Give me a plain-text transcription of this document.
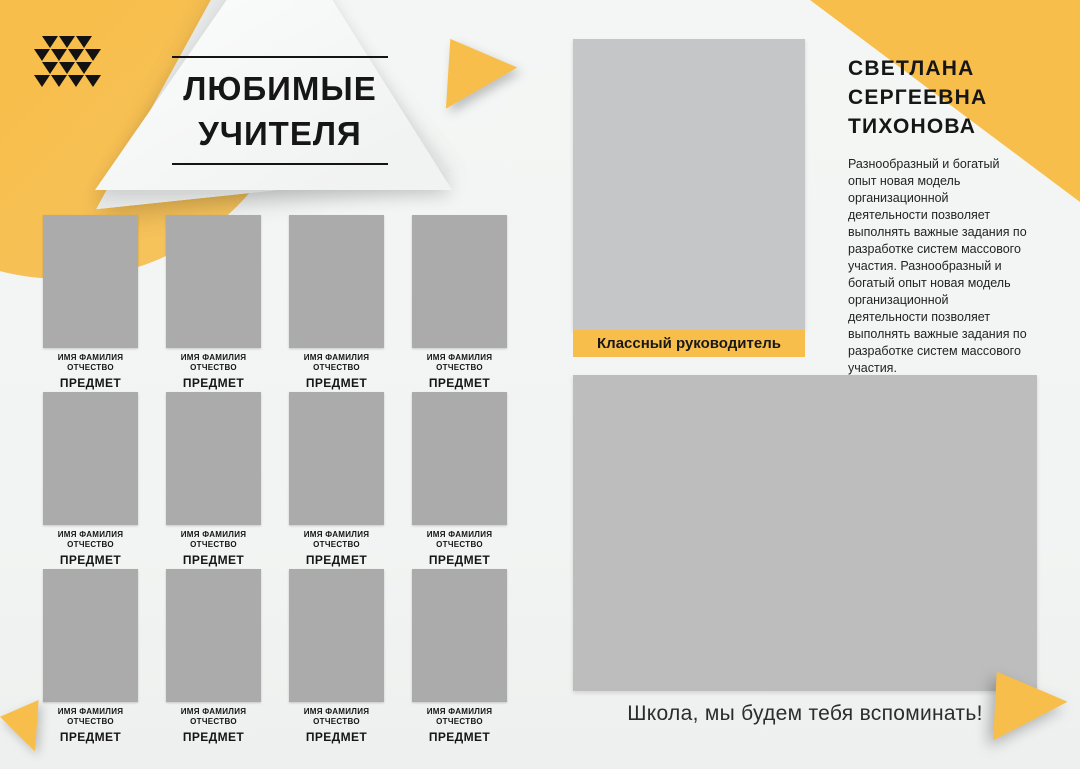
ЛЮБИМЫЕ
УЧИТЕЛЯ
ИМЯ ФАМИЛИЯ
ОТЧЕСТВО
ПРЕДМЕТ
ИМЯ ФАМИЛИЯ
ОТЧЕСТВО
ПРЕДМЕТ
ИМЯ ФАМИЛИЯ
ОТЧЕСТВО
ПРЕДМЕТ
ИМЯ ФАМИЛИЯ
ОТЧЕСТВО
ПРЕДМЕТ
ИМЯ ФАМИЛИЯ
ОТЧЕСТВО
ПРЕДМЕТ
ИМЯ ФАМИЛИЯ
ОТЧЕСТВО
ПРЕДМЕТ
ИМЯ ФАМИЛИЯ
ОТЧЕСТВО
ПРЕДМЕТ
ИМЯ ФАМИЛИЯ
ОТЧЕСТВО
ПРЕДМЕТ
ИМЯ ФАМИЛИЯ
ОТЧЕСТВО
ПРЕДМЕТ
ИМЯ ФАМИЛИЯ
ОТЧЕСТВО
ПРЕДМЕТ
ИМЯ ФАМИЛИЯ
ОТЧЕСТВО
ПРЕДМЕТ
ИМЯ ФАМИЛИЯ
ОТЧЕСТВО
ПРЕДМЕТ
Классный руководитель
СВЕТЛАНА
СЕРГЕЕВНА
ТИХОНОВА

Разнообразный и богатый опыт новая модель организационной деятельности позволяет выполнять важные задания по разработке систем массового участия. Разнообразный и богатый опыт новая модель организационной деятельности позволяет выполнять важные задания по разработке систем массового участия.

Школа, мы будем тебя вспоминать!
